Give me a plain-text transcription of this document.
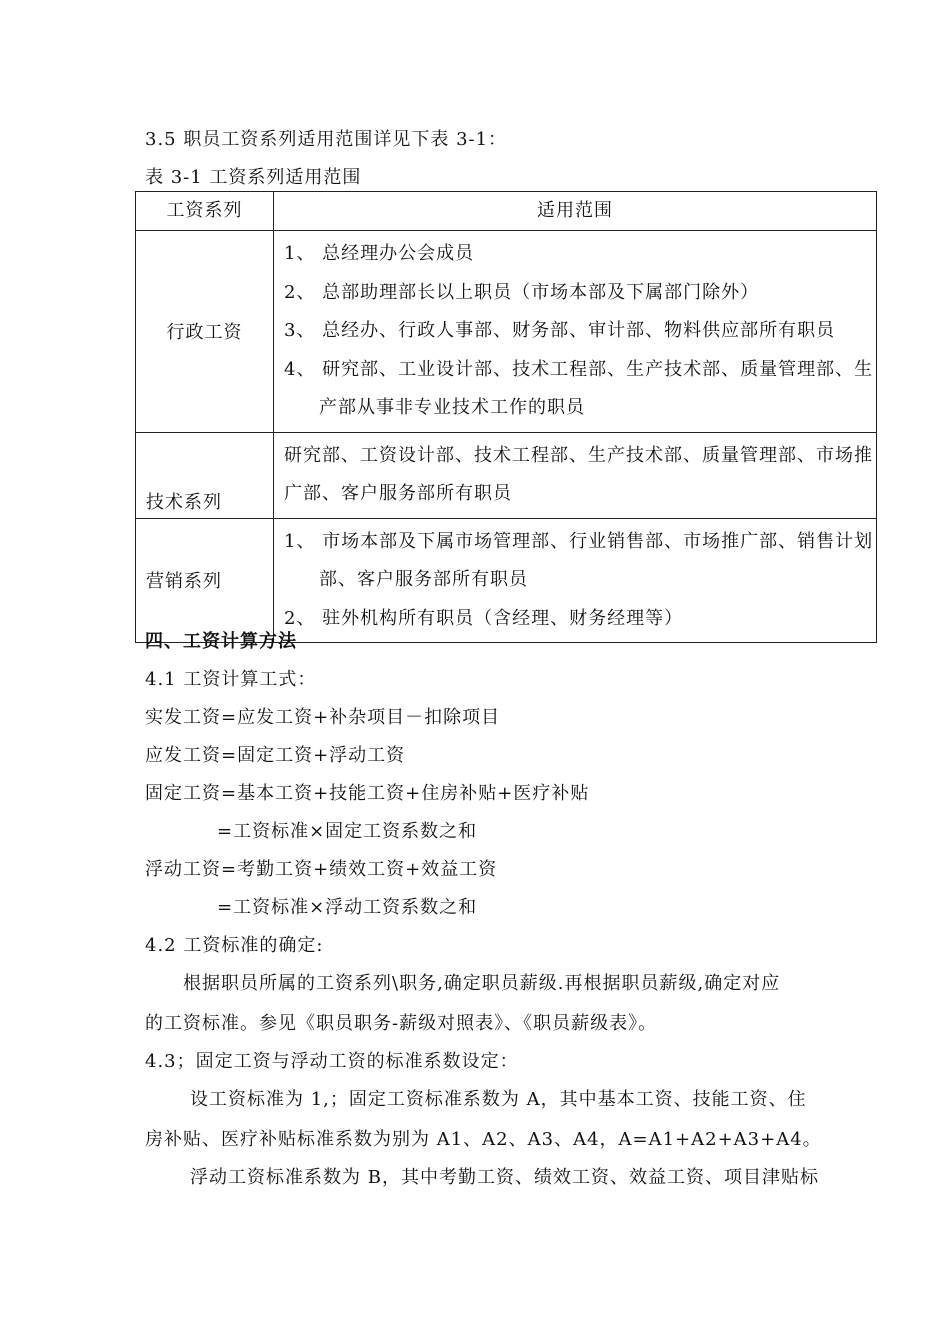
3.5 职员工资系列适用范围详见下表 3-1：
表 3-1 工资系列适用范围
工资系列	适用范围
行政工资	1、 总经理办公会成员
2、 总部助理部长以上职员（市场本部及下属部门除外）
3、 总经办、行政人事部、财务部、审计部、物料供应部所有职员
4、 研究部、工业设计部、技术工程部、生产技术部、质量管理部、生
产部从事非专业技术工作的职员

技术系列	研究部、工资设计部、技术工程部、生产技术部、质量管理部、市场推
广部、客户服务部所有职员

营销系列	1、 市场本部及下属市场管理部、行业销售部、市场推广部、销售计划
部、客户服务部所有职员
2、 驻外机构所有职员（含经理、财务经理等）
四、工资计算方法
4.1 工资计算工式：
实发工资=应发工资+补杂项目－扣除项目
应发工资=固定工资+浮动工资
固定工资=基本工资+技能工资+住房补贴+医疗补贴
=工资标准×固定工资系数之和
浮动工资=考勤工资+绩效工资+效益工资
=工资标准×浮动工资系数之和
4.2 工资标准的确定:
根据职员所属的工资系列\职务,确定职员薪级.再根据职员薪级,确定对应
的工资标准。参见《职员职务-薪级对照表》、《职员薪级表》。
4.3；固定工资与浮动工资的标准系数设定：
设工资标准为 1,；固定工资标准系数为 A，其中基本工资、技能工资、住
房补贴、医疗补贴标准系数为别为 A1、A2、A3、A4，A=A1+A2+A3+A4。
浮动工资标准系数为 B，其中考勤工资、绩效工资、效益工资、项目津贴标
